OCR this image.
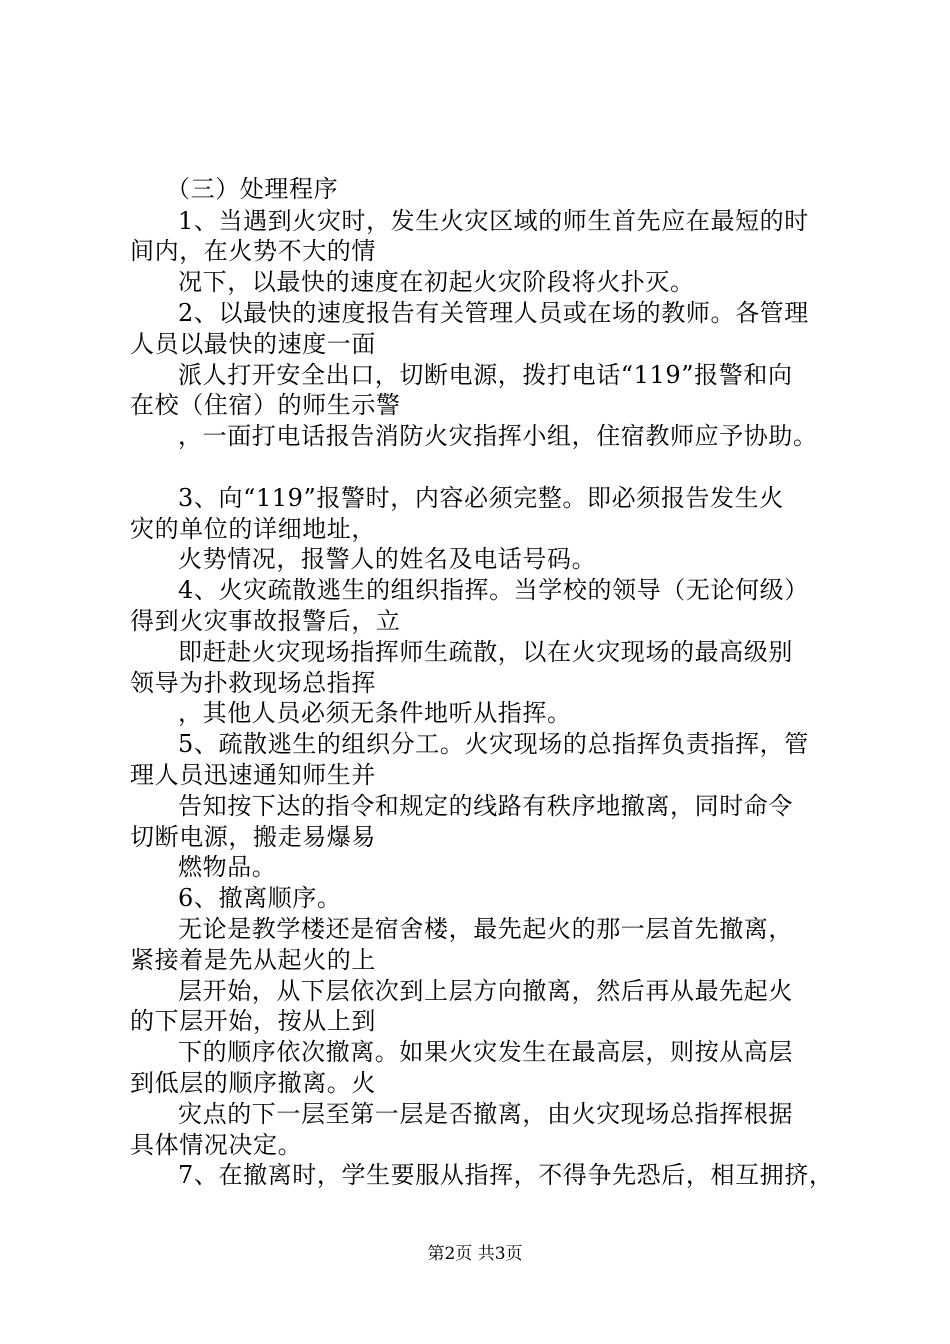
（三）处理程序
1、当遇到火灾时，发生火灾区域的师生首先应在最短的时
间内，在火势不大的情
况下，以最快的速度在初起火灾阶段将火扑灭。
2、以最快的速度报告有关管理人员或在场的教师。各管理
人员以最快的速度一面
派人打开安全出口，切断电源，拨打电话“119”报警和向
在校（住宿）的师生示警
，一面打电话报告消防火灾指挥小组，住宿教师应予协助。
3、向“119”报警时，内容必须完整。即必须报告发生火
灾的单位的详细地址，
火势情况，报警人的姓名及电话号码。
4、火灾疏散逃生的组织指挥。当学校的领导（无论何级）
得到火灾事故报警后，立
即赶赴火灾现场指挥师生疏散，以在火灾现场的最高级别
领导为扑救现场总指挥
，其他人员必须无条件地听从指挥。
5、疏散逃生的组织分工。火灾现场的总指挥负责指挥，管
理人员迅速通知师生并
告知按下达的指令和规定的线路有秩序地撤离，同时命令
切断电源，搬走易爆易
燃物品。
6、撤离顺序。
无论是教学楼还是宿舍楼，最先起火的那一层首先撤离，
紧接着是先从起火的上
层开始，从下层依次到上层方向撤离，然后再从最先起火
的下层开始，按从上到
下的顺序依次撤离。如果火灾发生在最高层，则按从高层
到低层的顺序撤离。火
灾点的下一层至第一层是否撤离，由火灾现场总指挥根据
具体情况决定。
7、在撤离时，学生要服从指挥，不得争先恐后，相互拥挤，
第2页 共3页
